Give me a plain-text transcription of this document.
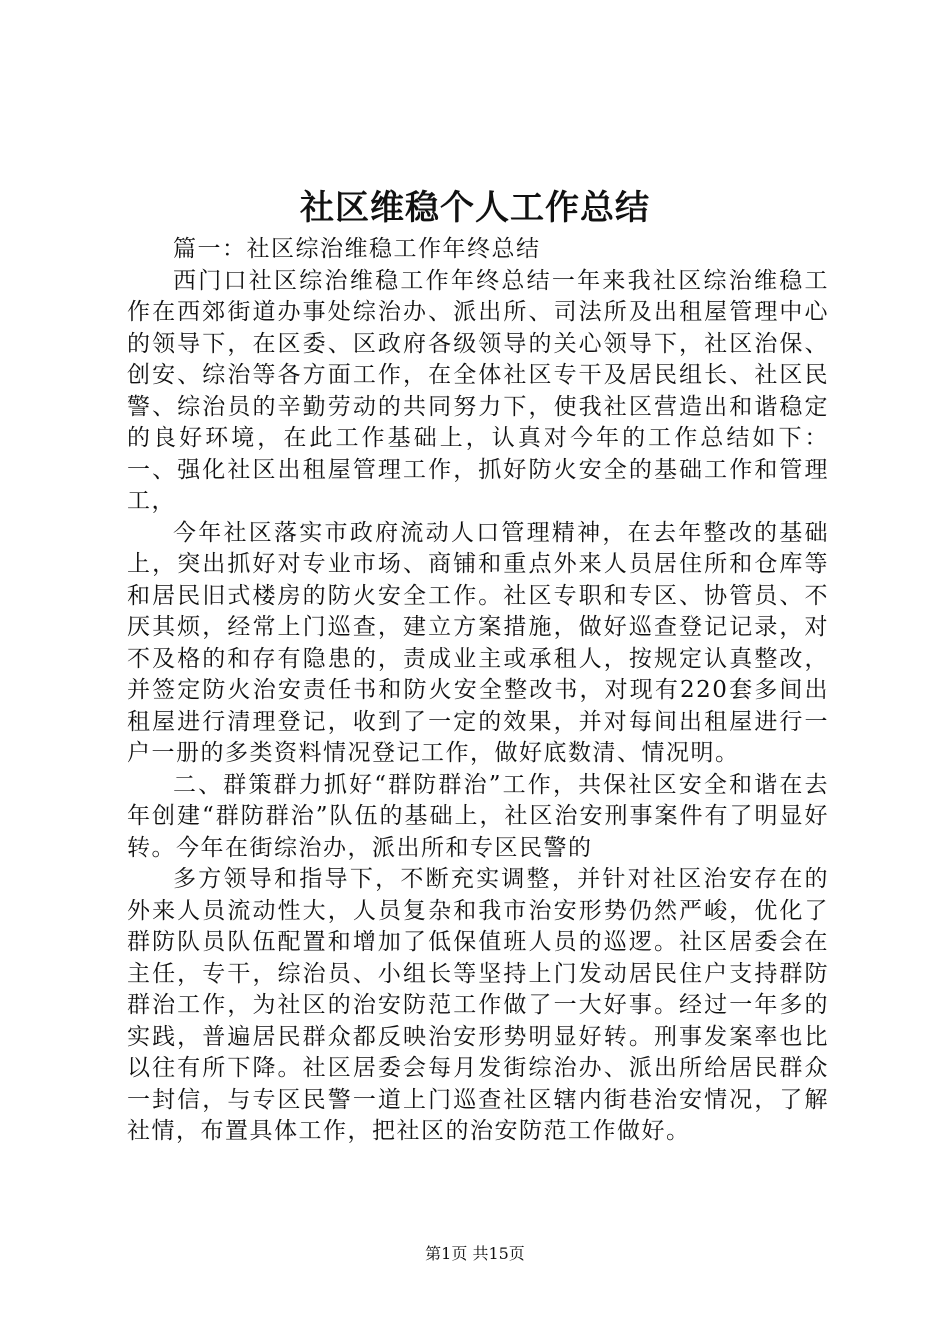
社区维稳个人工作总结

篇一：社区综治维稳工作年终总结

西门口社区综治维稳工作年终总结一年来我社区综治维稳工作在西郊街道办事处综治办、派出所、司法所及出租屋管理中心的领导下，在区委、区政府各级领导的关心领导下，社区治保、创安、综治等各方面工作，在全体社区专干及居民组长、社区民警、综治员的辛勤劳动的共同努力下，使我社区营造出和谐稳定的良好环境，在此工作基础上，认真对今年的工作总结如下：一、强化社区出租屋管理工作，抓好防火安全的基础工作和管理工，

今年社区落实市政府流动人口管理精神，在去年整改的基础上，突出抓好对专业市场、商铺和重点外来人员居住所和仓库等和居民旧式楼房的防火安全工作。社区专职和专区、协管员、不厌其烦，经常上门巡查，建立方案措施，做好巡查登记记录，对不及格的和存有隐患的，责成业主或承租人，按规定认真整改，并签定防火治安责任书和防火安全整改书，对现有220套多间出租屋进行清理登记，收到了一定的效果，并对每间出租屋进行一户一册的多类资料情况登记工作，做好底数清、情况明。

二、群策群力抓好“群防群治”工作，共保社区安全和谐在去年创建“群防群治”队伍的基础上，社区治安刑事案件有了明显好转。今年在街综治办，派出所和专区民警的

多方领导和指导下，不断充实调整，并针对社区治安存在的外来人员流动性大，人员复杂和我市治安形势仍然严峻，优化了群防队员队伍配置和增加了低保值班人员的巡逻。社区居委会在主任，专干，综治员、小组长等坚持上门发动居民住户支持群防群治工作，为社区的治安防范工作做了一大好事。经过一年多的实践，普遍居民群众都反映治安形势明显好转。刑事发案率也比以往有所下降。社区居委会每月发街综治办、派出所给居民群众一封信，与专区民警一道上门巡查社区辖内街巷治安情况，了解社情，布置具体工作，把社区的治安防范工作做好。

第1页 共15页
